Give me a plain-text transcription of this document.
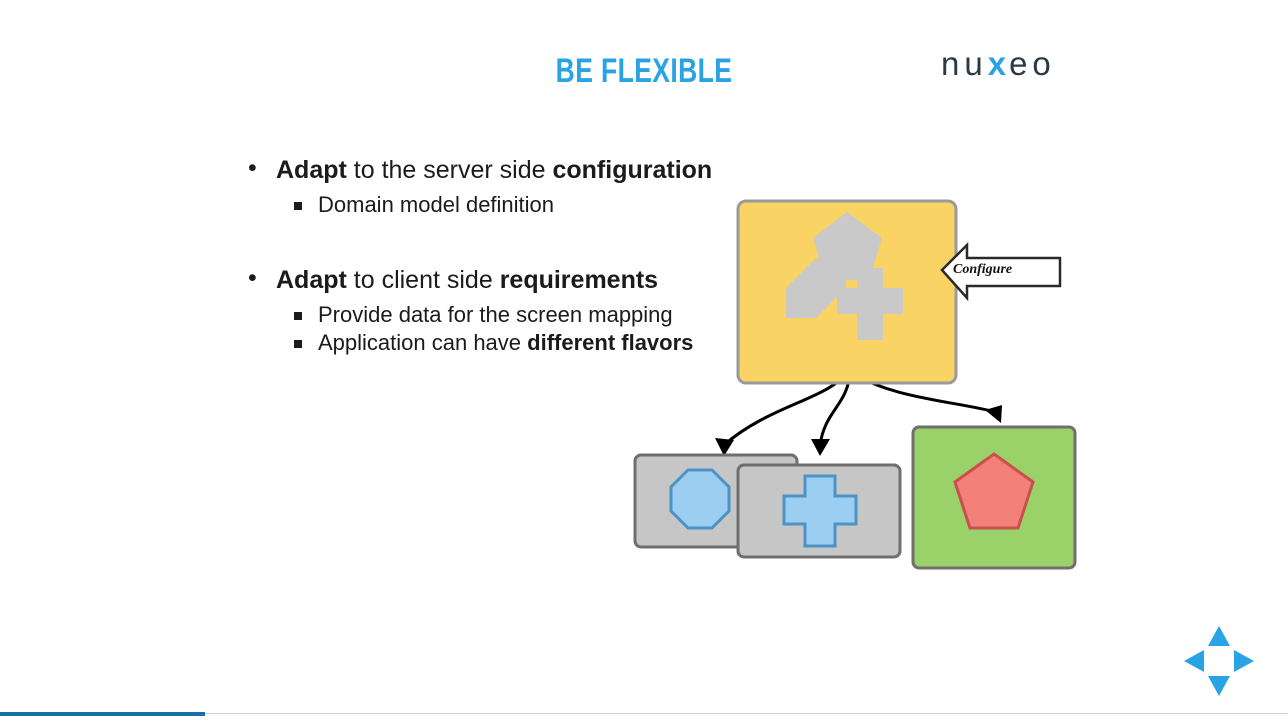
BE FLEXIBLE	nu x eo
• Adapt to the server side configuration
Domain model definition
• Adapt to client side requirements
Provide data for the screen mapping
Application can have different flavors
Configure
